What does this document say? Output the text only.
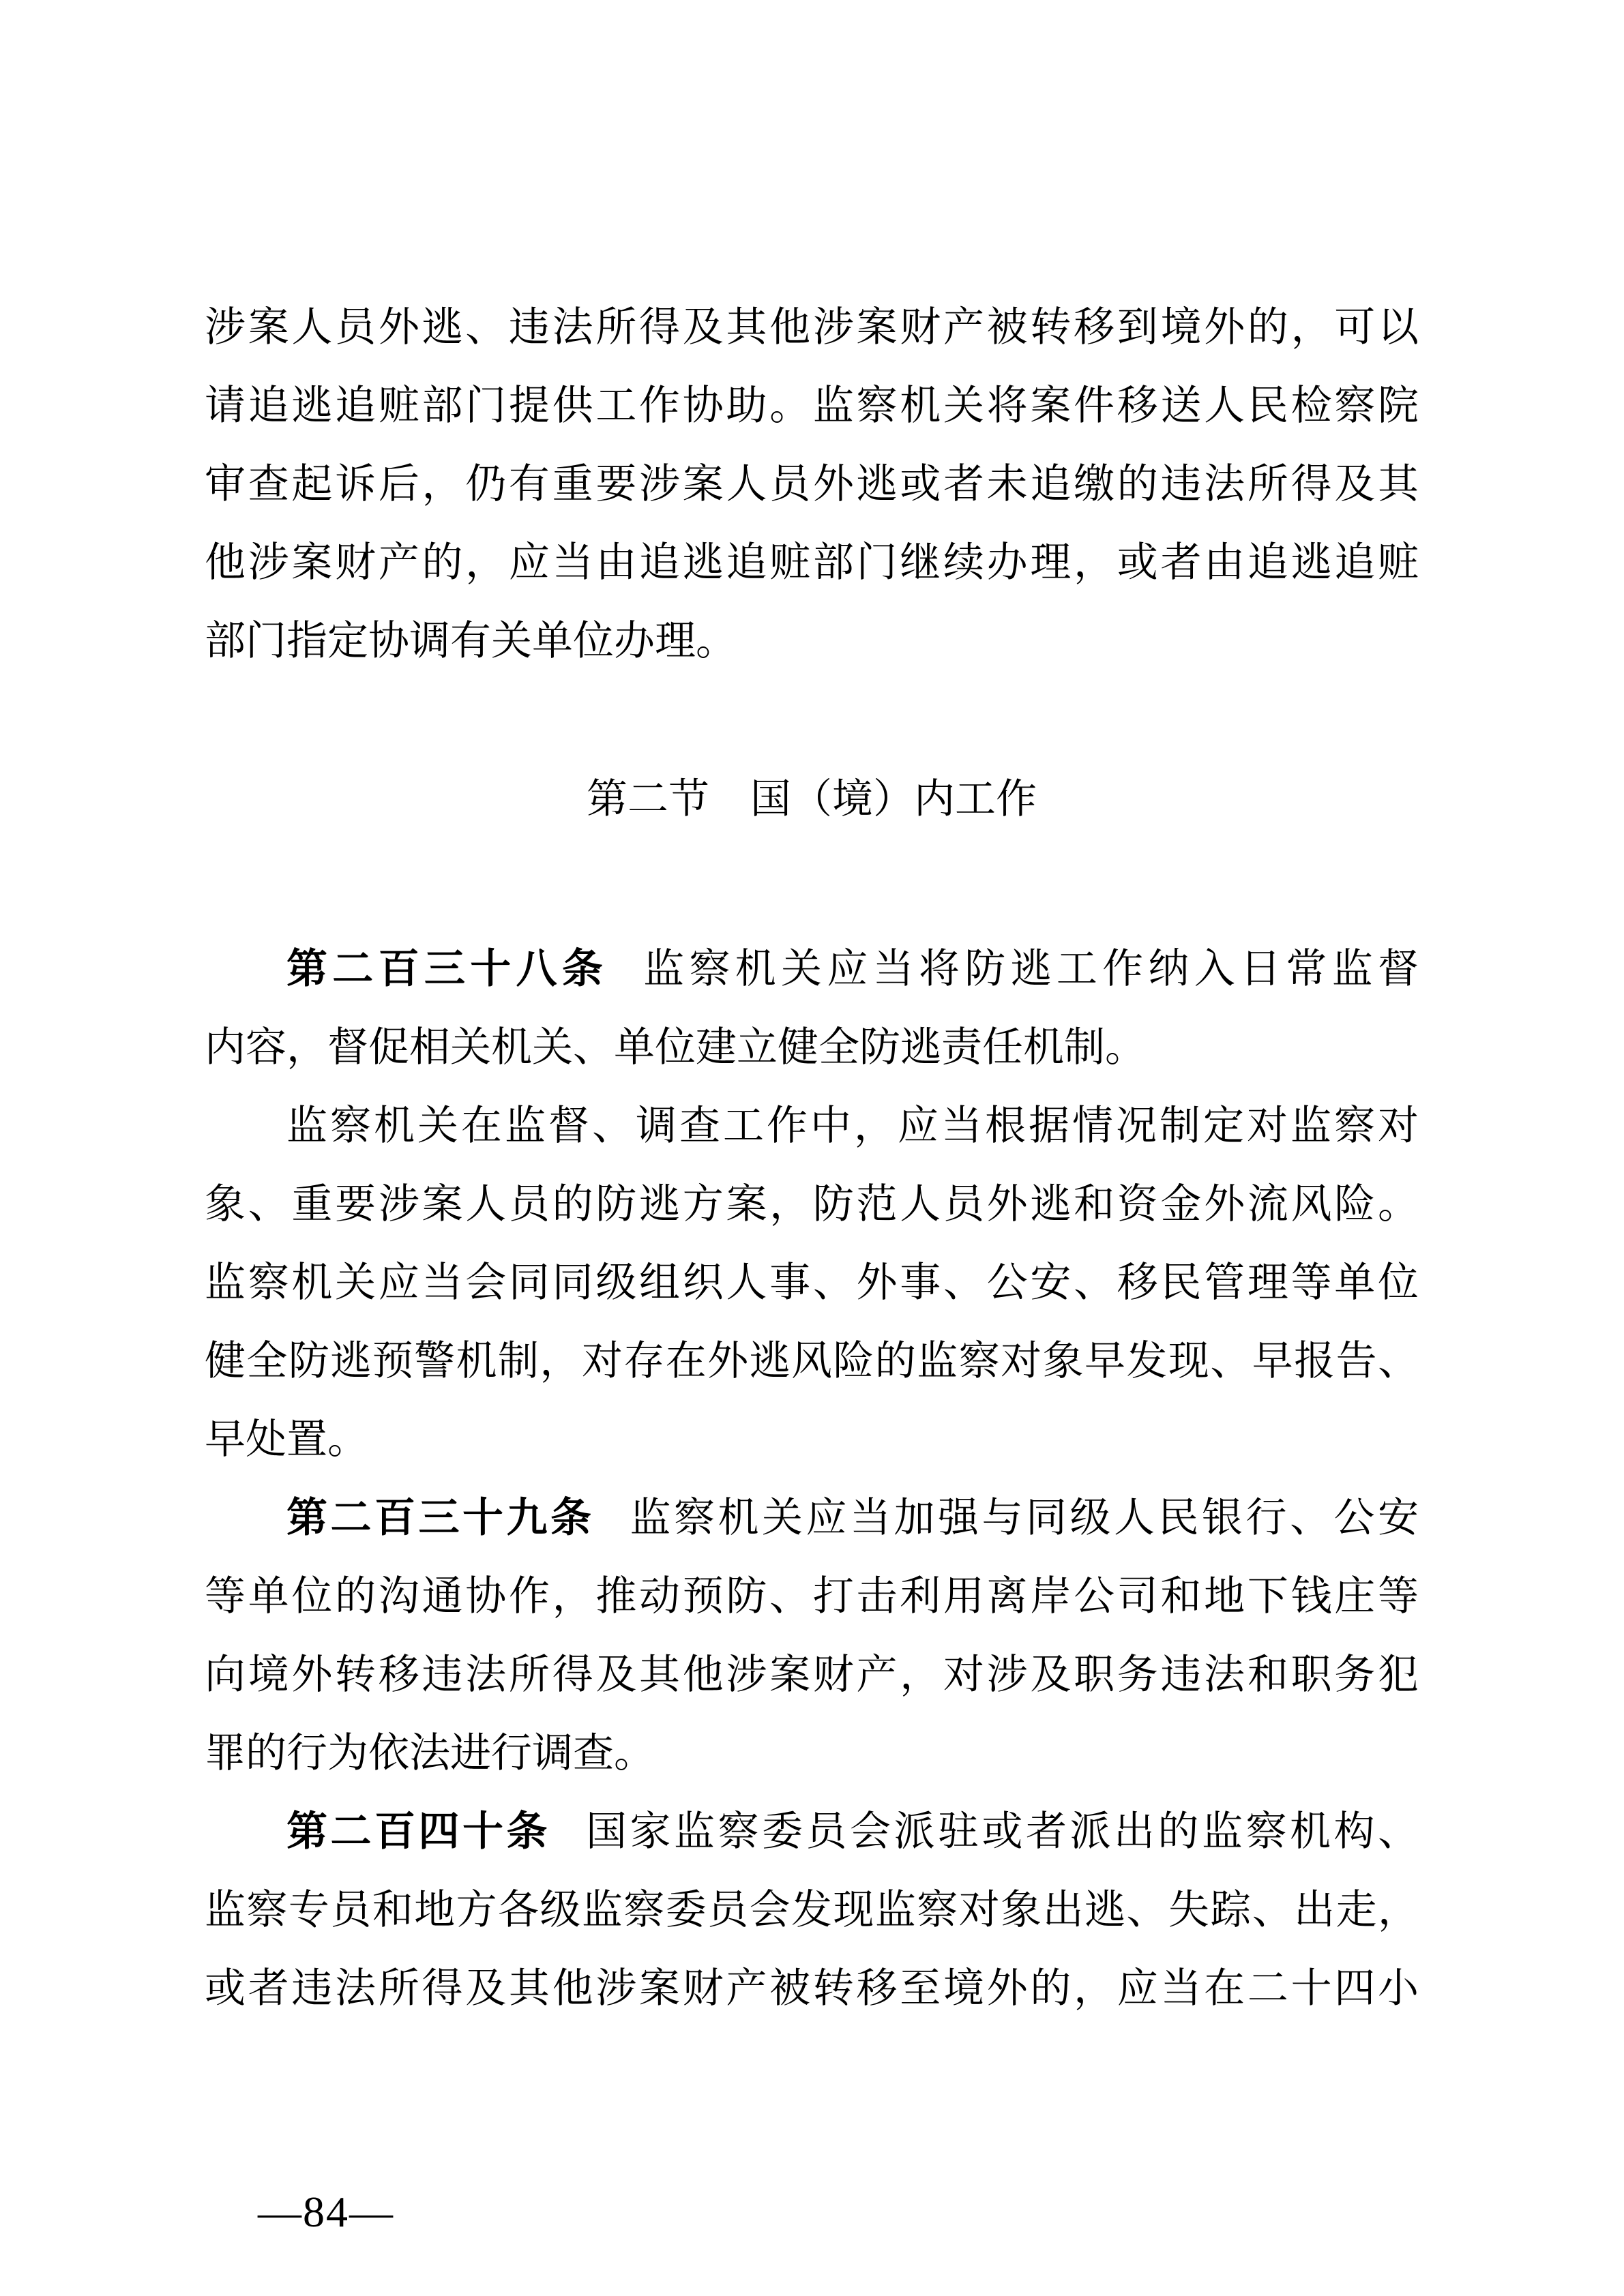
涉案人员外逃、违法所得及其他涉案财产被转移到境外的，可以
请追逃追赃部门提供工作协助。监察机关将案件移送人民检察院
审查起诉后，仍有重要涉案人员外逃或者未追缴的违法所得及其
他涉案财产的，应当由追逃追赃部门继续办理，或者由追逃追赃
部门指定协调有关单位办理。
第二节　国（境）内工作
第二百三十八条 监察机关应当将防逃工作纳入日常监督
内容，督促相关机关、单位建立健全防逃责任机制。
监察机关在监督、调查工作中，应当根据情况制定对监察对
象、重要涉案人员的防逃方案，防范人员外逃和资金外流风险。
监察机关应当会同同级组织人事、外事、公安、移民管理等单位
健全防逃预警机制，对存在外逃风险的监察对象早发现、早报告、
早处置。
第二百三十九条 监察机关应当加强与同级人民银行、公安
等单位的沟通协作，推动预防、打击利用离岸公司和地下钱庄等
向境外转移违法所得及其他涉案财产，对涉及职务违法和职务犯
罪的行为依法进行调查。
第二百四十条 国家监察委员会派驻或者派出的监察机构、
监察专员和地方各级监察委员会发现监察对象出逃、失踪、出走，
或者违法所得及其他涉案财产被转移至境外的，应当在二十四小
—84—
